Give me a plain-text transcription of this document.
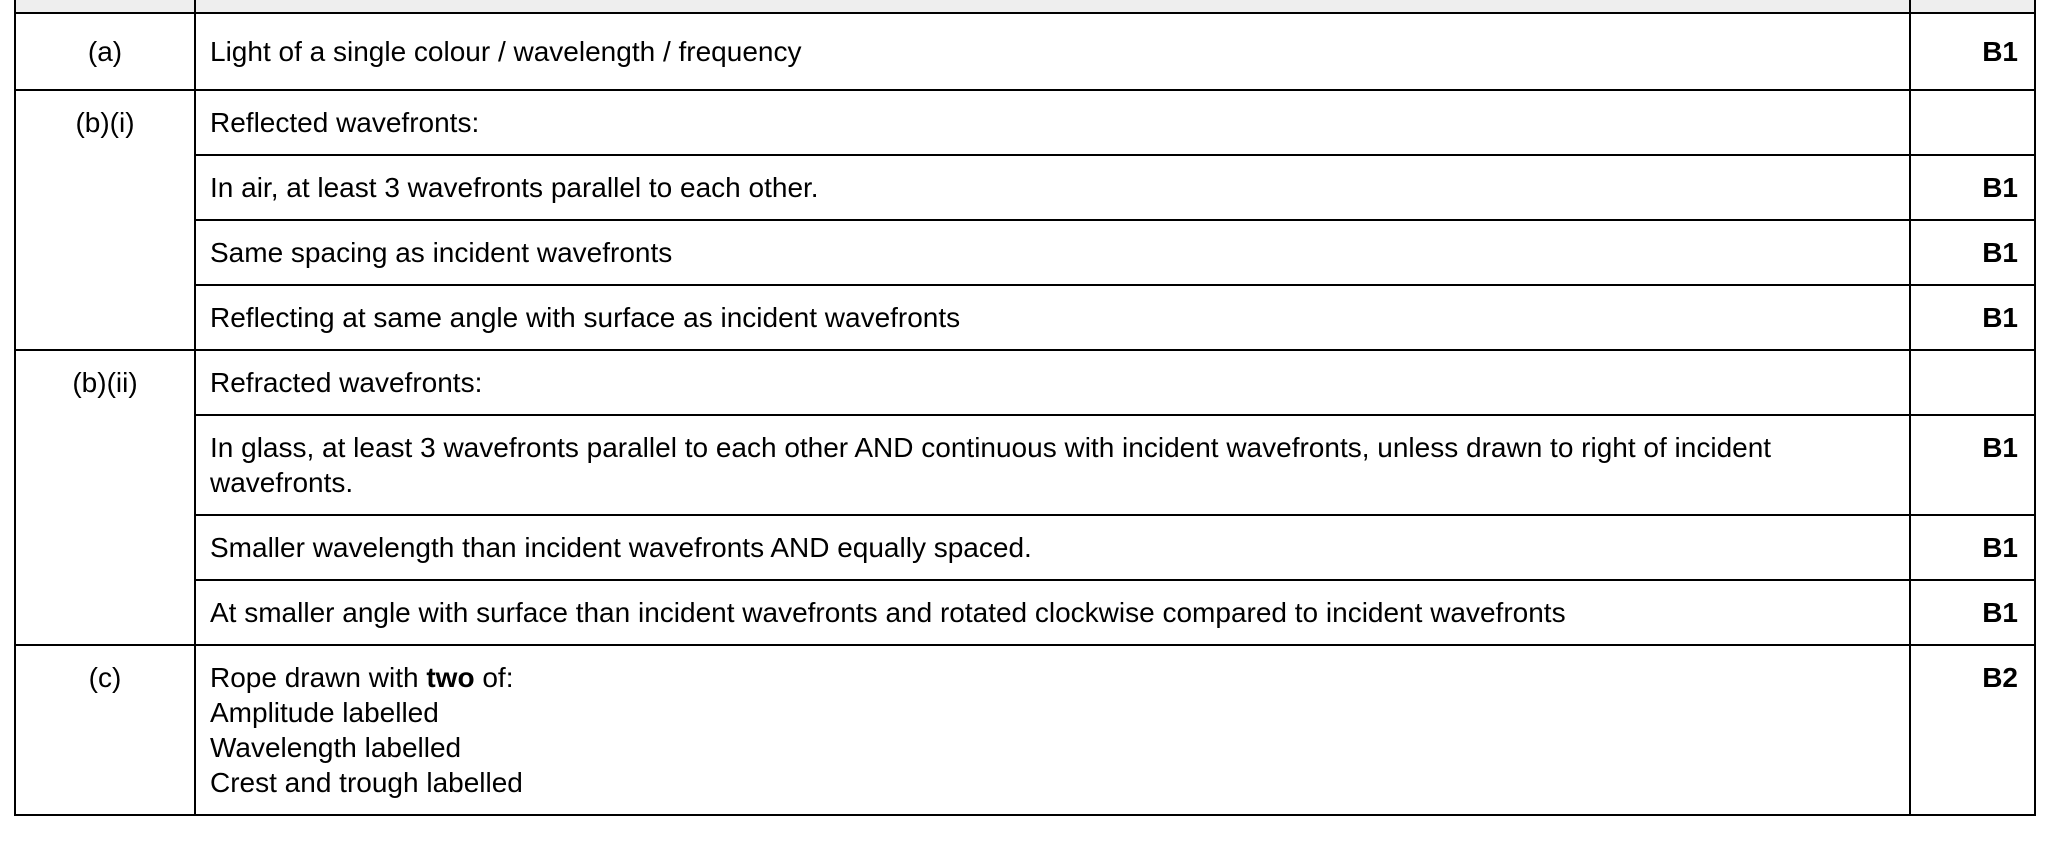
(a)	Light of a single colour / wavelength / frequency	B1
(b)(i)	Reflected wavefronts:	

	In air, at least 3 wavefronts parallel to each other.	B1

	Same spacing as incident wavefronts	B1

	Reflecting at same angle with surface as incident wavefronts	B1
(b)(ii)	Refracted wavefronts:	

	In glass, at least 3 wavefronts parallel to each other AND continuous with incident wavefronts, unless drawn to right of incident wavefronts.	B1

	Smaller wavelength than incident wavefronts AND equally spaced.	B1

	At smaller angle with surface than incident wavefronts and rotated clockwise compared to incident wavefronts	B1
(c)	Rope drawn with two of:
Amplitude labelled
Wavelength labelled
Crest and trough labelled	B2
